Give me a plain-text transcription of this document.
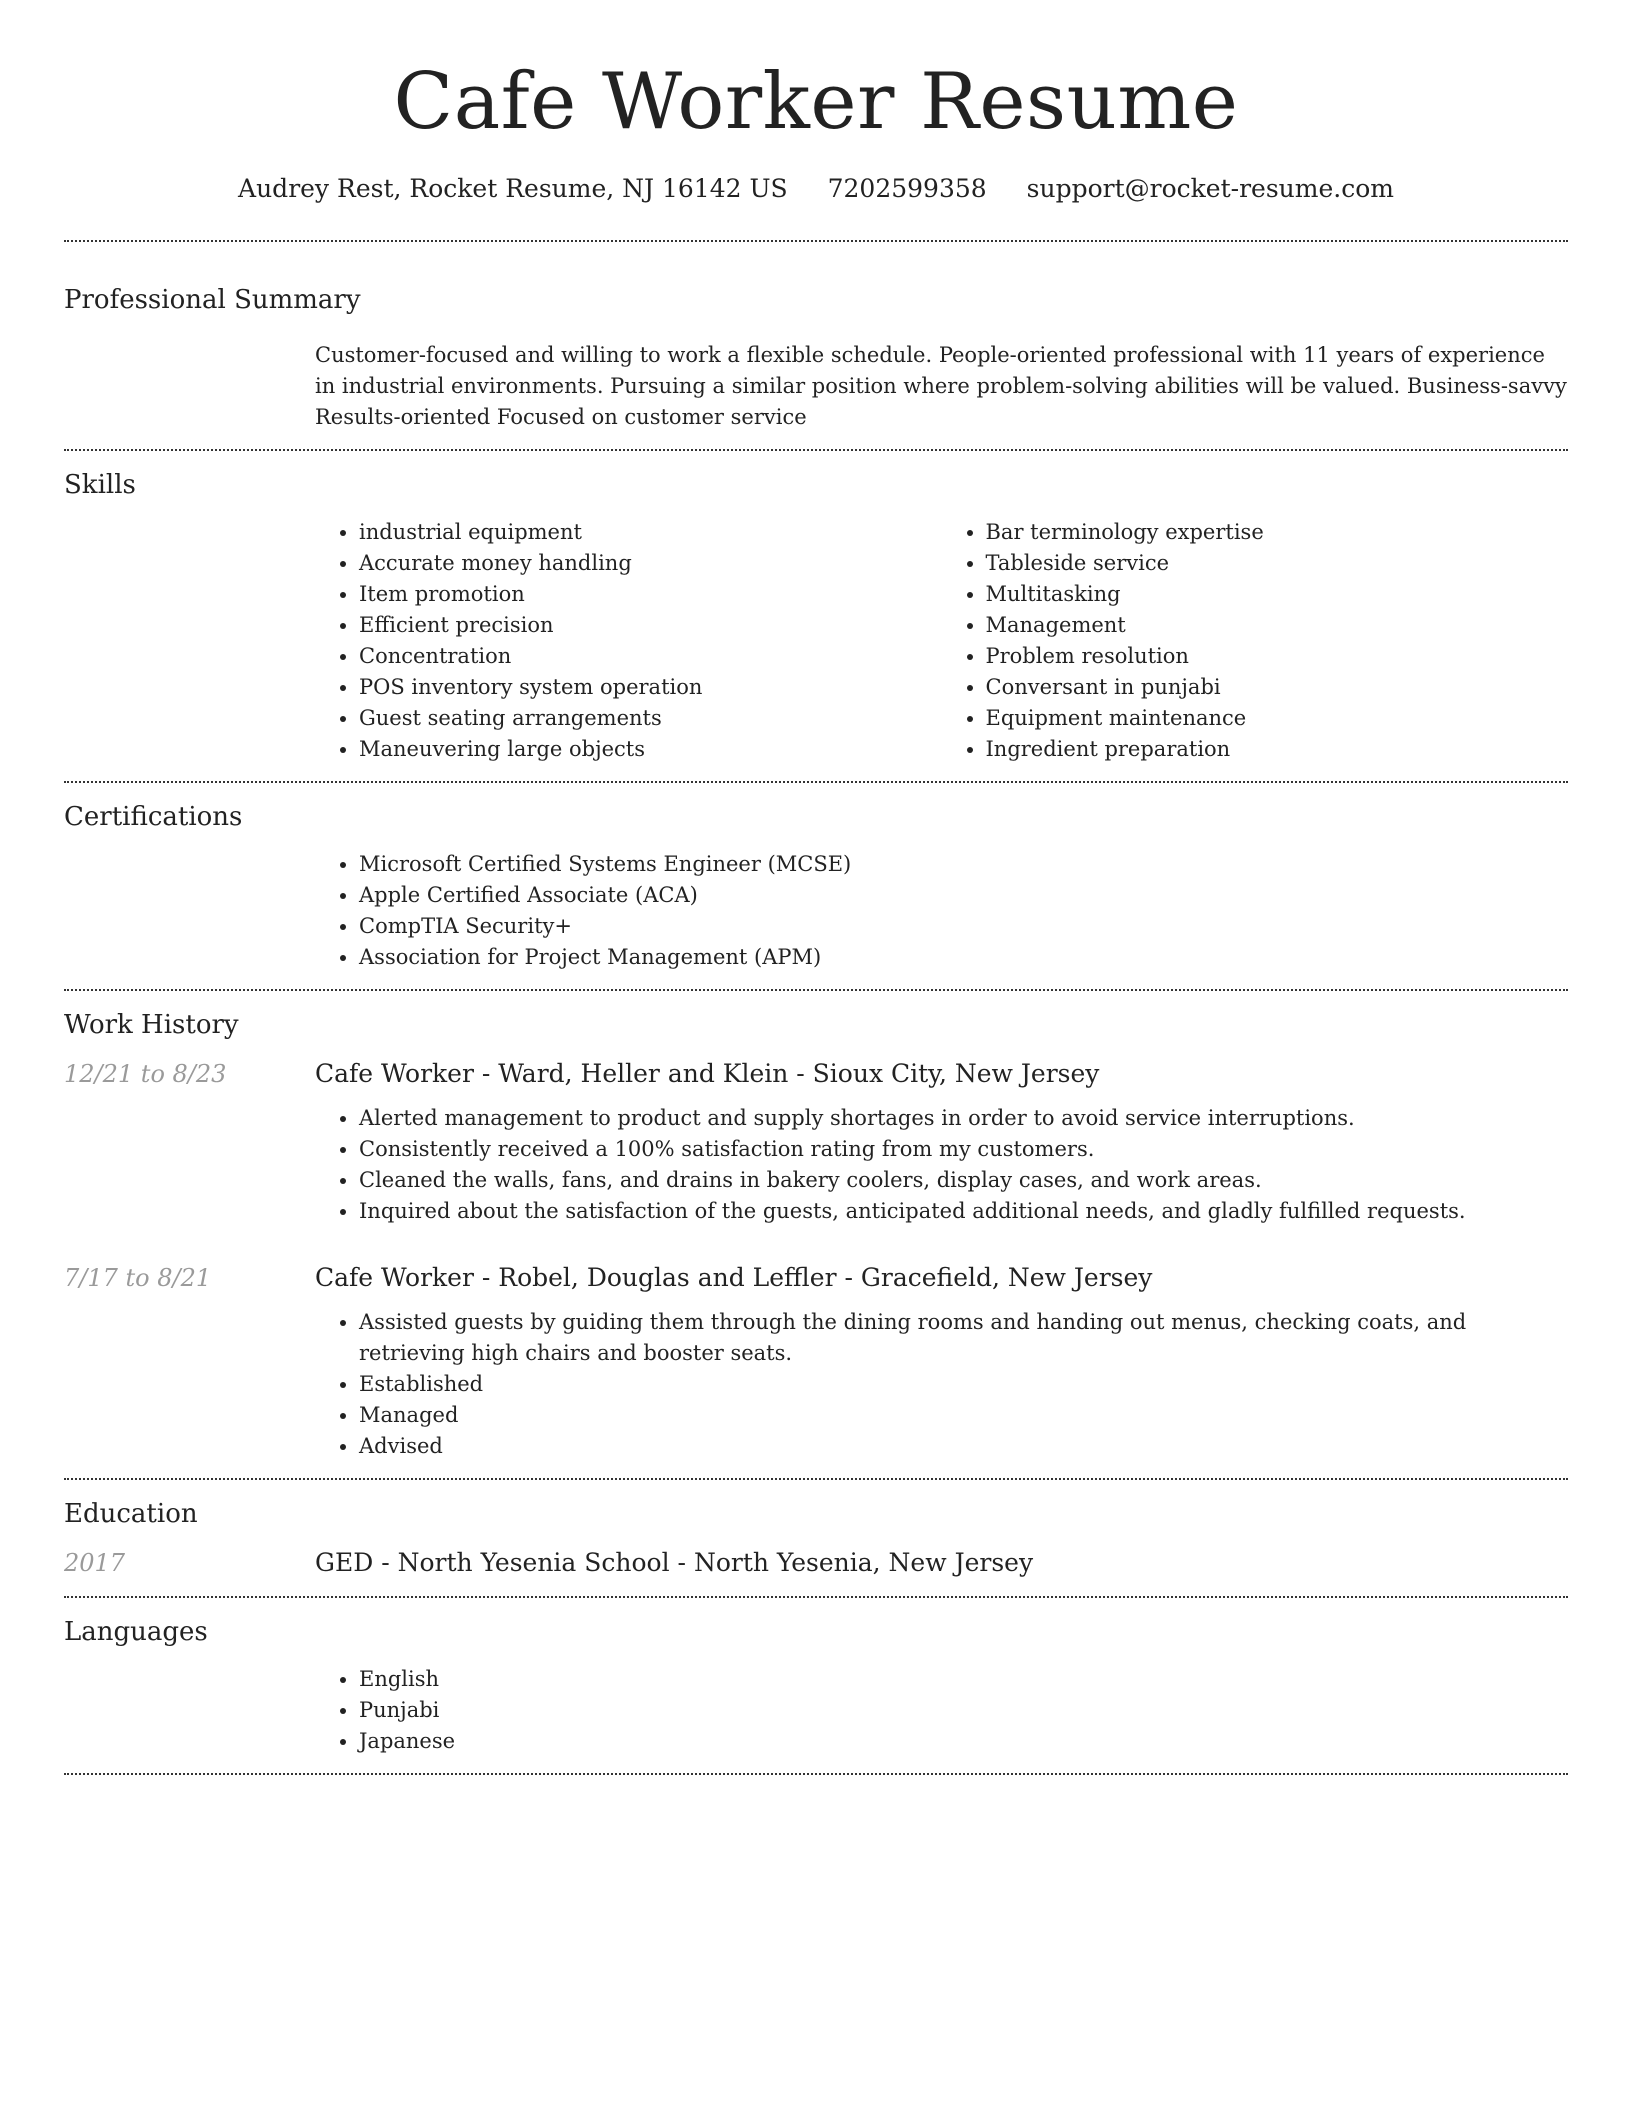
Cafe Worker Resume
Audrey Rest, Rocket Resume, NJ 16142 US 7202599358 support@rocket-resume.com
Professional Summary

Customer-focused and willing to work a flexible schedule. People-oriented professional with 11 years of experience in industrial environments. Pursuing a similar position where problem-solving abilities will be valued. Business-savvy Results-oriented Focused on customer service

Skills
• industrial equipment
• Accurate money handling
• Item promotion
• Efficient precision
• Concentration
• POS inventory system operation
• Guest seating arrangements
• Maneuvering large objects
• Bar terminology expertise
• Tableside service
• Multitasking
• Management
• Problem resolution
• Conversant in punjabi
• Equipment maintenance
• Ingredient preparation
Certifications
• Microsoft Certified Systems Engineer (MCSE)
• Apple Certified Associate (ACA)
• CompTIA Security+
• Association for Project Management (APM)
Work History
12/21 to 8/23	Cafe Worker - Ward, Heller and Klein - Sioux City, New Jersey
• Alerted management to product and supply shortages in order to avoid service interruptions.
• Consistently received a 100% satisfaction rating from my customers.
• Cleaned the walls, fans, and drains in bakery coolers, display cases, and work areas.
• Inquired about the satisfaction of the guests, anticipated additional needs, and gladly fulfilled requests.
7/17 to 8/21	Cafe Worker - Robel, Douglas and Leffler - Gracefield, New Jersey
• Assisted guests by guiding them through the dining rooms and handing out menus, checking coats, and retrieving high chairs and booster seats.
• Established
• Managed
• Advised
Education
2017	GED - North Yesenia School - North Yesenia, New Jersey
Languages
• English
• Punjabi
• Japanese
